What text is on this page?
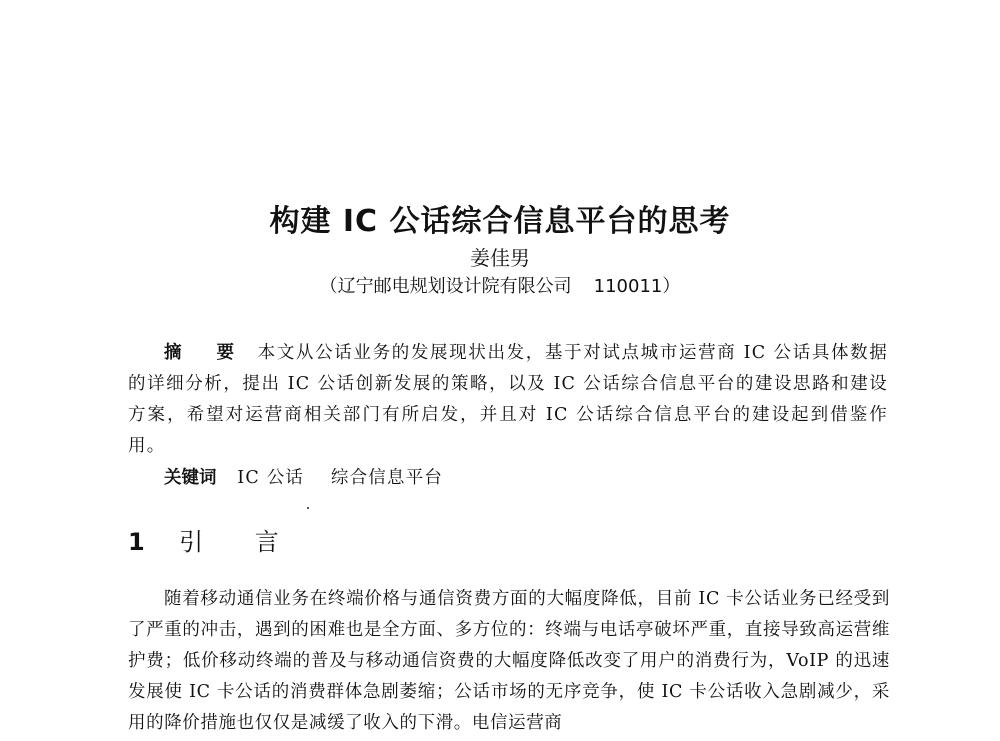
构建 IC 公话综合信息平台的思考
姜佳男
（辽宁邮电规划设计院有限公司 110011）
摘 要 本文从公话业务的发展现状出发，基于对试点城市运营商 IC 公话具体数据的详细分析，提出 IC 公话创新发展的策略，以及 IC 公话综合信息平台的建设思路和建设方案，希望对运营商相关部门有所启发，并且对 IC 公话综合信息平台的建设起到借鉴作用。
关键词 IC 公话 综合信息平台
1 引 言
随着移动通信业务在终端价格与通信资费方面的大幅度降低，目前 IC 卡公话业务已经受到了严重的冲击，遇到的困难也是全方面、多方位的：终端与电话亭破坏严重，直接导致高运营维护费；低价移动终端的普及与移动通信资费的大幅度降低改变了用户的消费行为，VoIP 的迅速发展使 IC 卡公话的消费群体急剧萎缩；公话市场的无序竞争，使 IC 卡公话收入急剧减少，采用的降价措施也仅仅是减缓了收入的下滑。电信运营商
